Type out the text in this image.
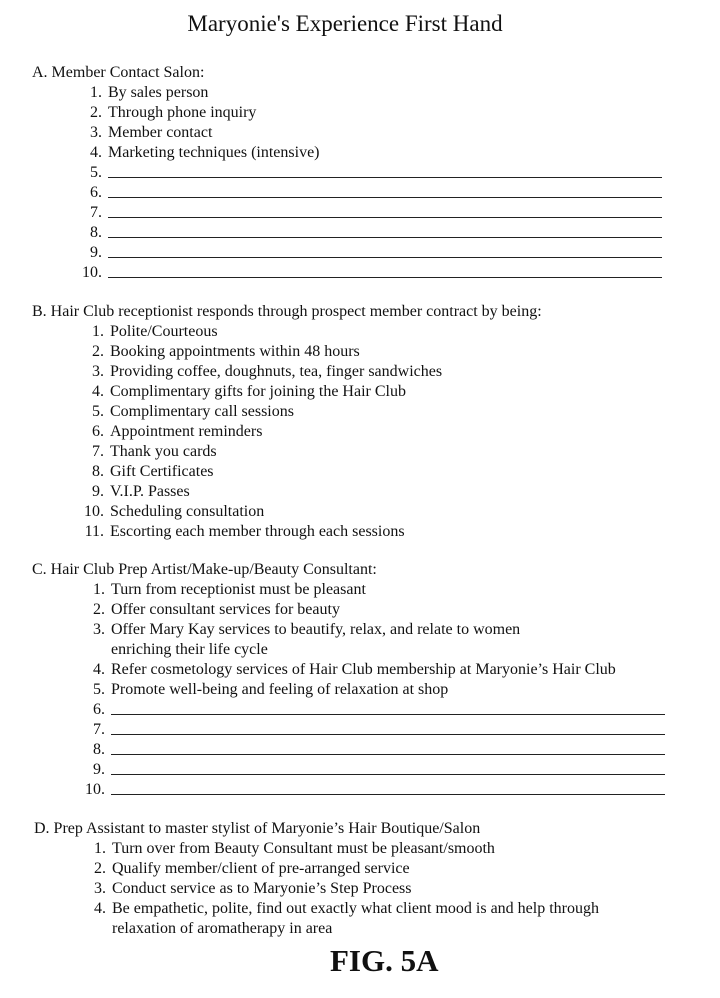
Maryonie's Experience First Hand
A. Member Contact Salon:
1. By sales person
2. Through phone inquiry
3. Member contact
4. Marketing techniques (intensive)
5.
6.
7.
8.
9.
10.
B. Hair Club receptionist responds through prospect member contract by being:
1. Polite/Courteous
2. Booking appointments within 48 hours
3. Providing coffee, doughnuts, tea, finger sandwiches
4. Complimentary gifts for joining the Hair Club
5. Complimentary call sessions
6. Appointment reminders
7. Thank you cards
8. Gift Certificates
9. V.I.P. Passes
10. Scheduling consultation
11. Escorting each member through each sessions
C. Hair Club Prep Artist/Make-up/Beauty Consultant:
1. Turn from receptionist must be pleasant
2. Offer consultant services for beauty
3. Offer Mary Kay services to beautify, relax, and relate to women
enriching their life cycle
4. Refer cosmetology services of Hair Club membership at Maryonie’s Hair Club
5. Promote well-being and feeling of relaxation at shop
6.
7.
8.
9.
10.
D. Prep Assistant to master stylist of Maryonie’s Hair Boutique/Salon
1. Turn over from Beauty Consultant must be pleasant/smooth
2. Qualify member/client of pre-arranged service
3. Conduct service as to Maryonie’s Step Process
4. Be empathetic, polite, find out exactly what client mood is and help through
relaxation of aromatherapy in area
FIG. 5A
